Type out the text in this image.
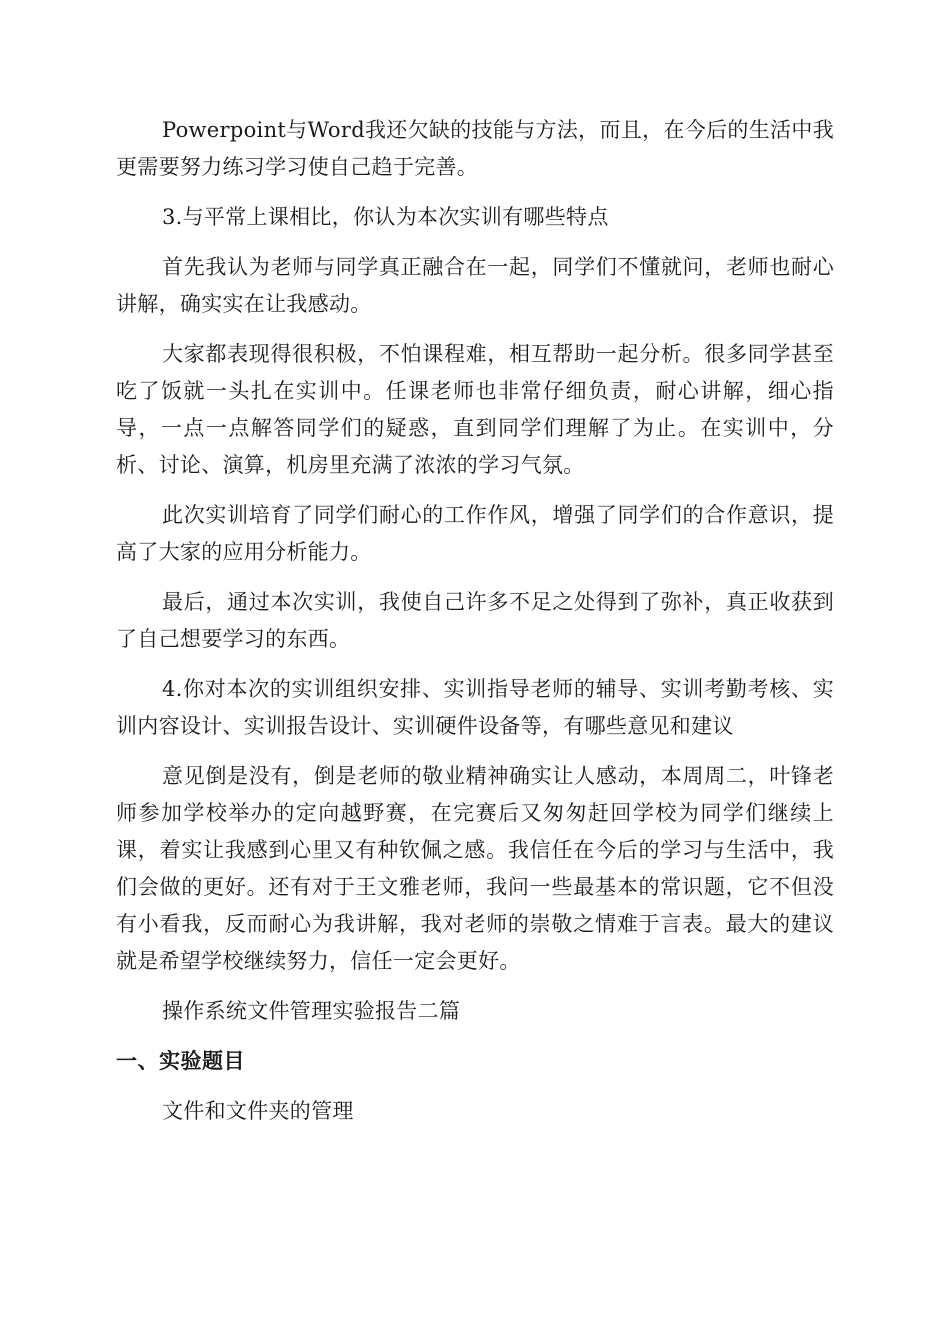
Powerpoint与Word我还欠缺的技能与方法，而且，在今后的生活中我更需要努力练习学习使自己趋于完善。

3.与平常上课相比，你认为本次实训有哪些特点

首先我认为老师与同学真正融合在一起，同学们不懂就问，老师也耐心讲解，确实实在让我感动。

大家都表现得很积极，不怕课程难，相互帮助一起分析。很多同学甚至吃了饭就一头扎在实训中。任课老师也非常仔细负责，耐心讲解，细心指导，一点一点解答同学们的疑惑，直到同学们理解了为止。在实训中，分析、讨论、演算，机房里充满了浓浓的学习气氛。

此次实训培育了同学们耐心的工作作风，增强了同学们的合作意识，提高了大家的应用分析能力。

最后，通过本次实训，我使自己许多不足之处得到了弥补，真正收获到了自己想要学习的东西。

4.你对本次的实训组织安排、实训指导老师的辅导、实训考勤考核、实训内容设计、实训报告设计、实训硬件设备等，有哪些意见和建议

意见倒是没有，倒是老师的敬业精神确实让人感动，本周周二，叶锋老师参加学校举办的定向越野赛，在完赛后又匆匆赶回学校为同学们继续上课，着实让我感到心里又有种钦佩之感。我信任在今后的学习与生活中，我们会做的更好。还有对于王文雅老师，我问一些最基本的常识题，它不但没有小看我，反而耐心为我讲解，我对老师的崇敬之情难于言表。最大的建议就是希望学校继续努力，信任一定会更好。

操作系统文件管理实验报告二篇

一、实验题目

文件和文件夹的管理
